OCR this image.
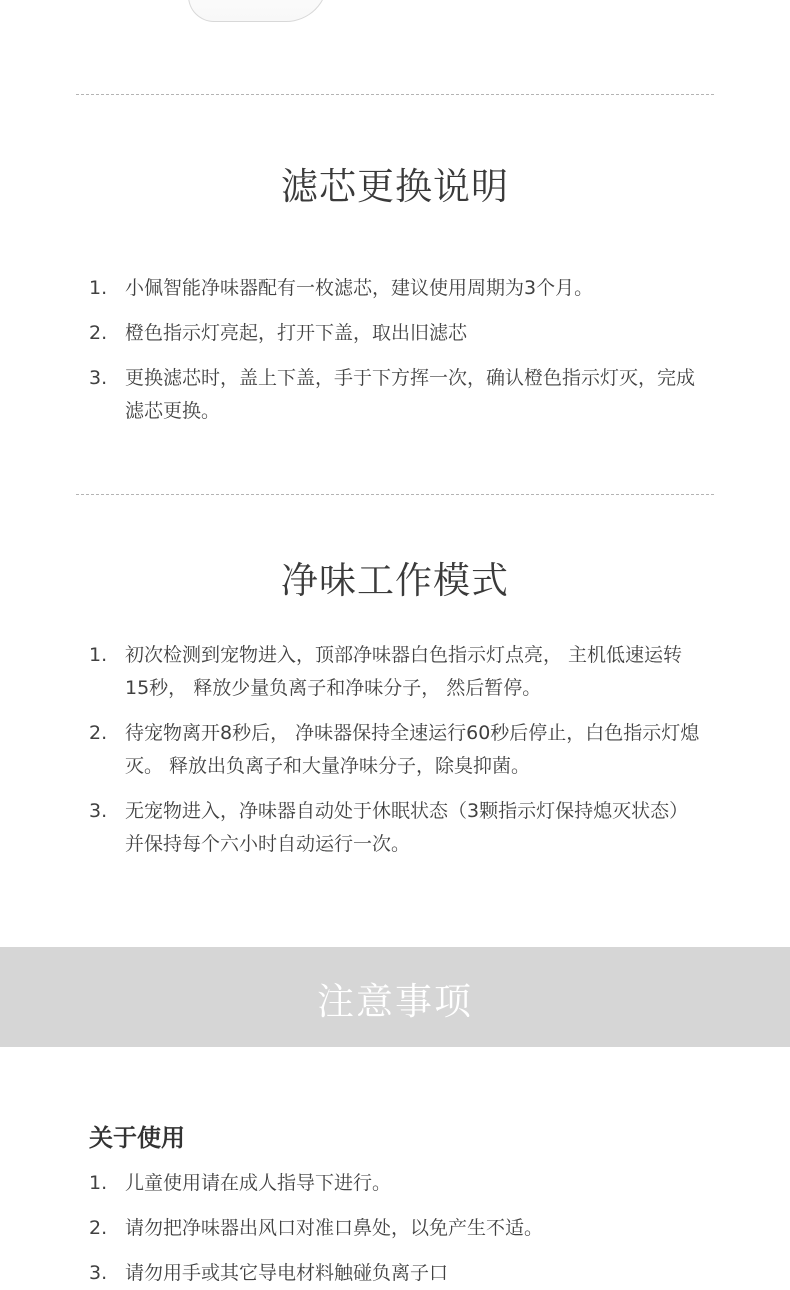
滤芯更换说明
1. 小佩智能净味器配有一枚滤芯，建议使用周期为3个月。
2. 橙色指示灯亮起，打开下盖，取出旧滤芯
3. 更换滤芯时，盖上下盖，手于下方挥一次，确认橙色指示灯灭，完成滤芯更换。
净味工作模式
1. 初次检测到宠物进入，顶部净味器白色指示灯点亮， 主机低速运转15秒， 释放少量负离子和净味分子， 然后暂停。
2. 待宠物离开8秒后， 净味器保持全速运行60秒后停止，白色指示灯熄灭。 释放出负离子和大量净味分子，除臭抑菌。
3. 无宠物进入，净味器自动处于休眠状态（3颗指示灯保持熄灭状态）并保持每个六小时自动运行一次。
注意事项
关于使用
1. 儿童使用请在成人指导下进行。
2. 请勿把净味器出风口对准口鼻处，以免产生不适。
3. 请勿用手或其它导电材料触碰负离子口
